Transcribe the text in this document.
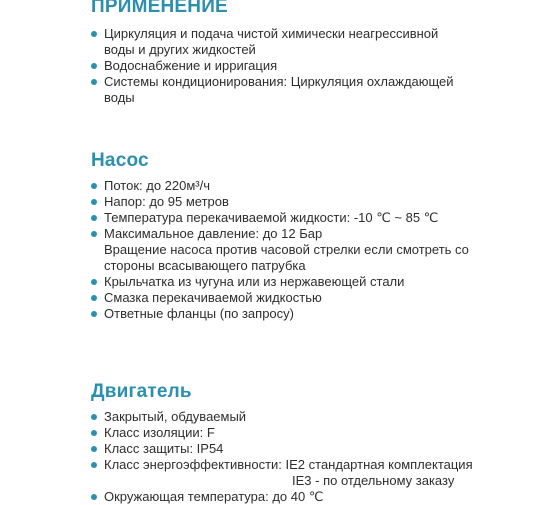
ПРИМЕНЕНИЕ
Циркуляция и подача чистой химически неагрессивной
воды и других жидкостей
Водоснабжение и ирригация
Системы кондиционирования: Циркуляция охлаждающей
воды
Насос
Поток: до 220м³/ч
Напор: до 95 метров
Температура перекачиваемой жидкости: -10 ℃ ~ 85 ℃
Максимальное давление: до 12 Бар
Вращение насоса против часовой стрелки если смотреть со
стороны всасывающего патрубка
Крыльчатка из чугуна или из нержавеющей стали
Смазка перекачиваемой жидкостью
Ответные фланцы (по запросу)
Двигатель
Закрытый, обдуваемый
Класс изоляции: F
Класс защиты: IP54
Класс энергоэффективности: IE2 стандартная комплектация
IE3 - по отдельному заказу
Окружающая температура: до 40 ℃
